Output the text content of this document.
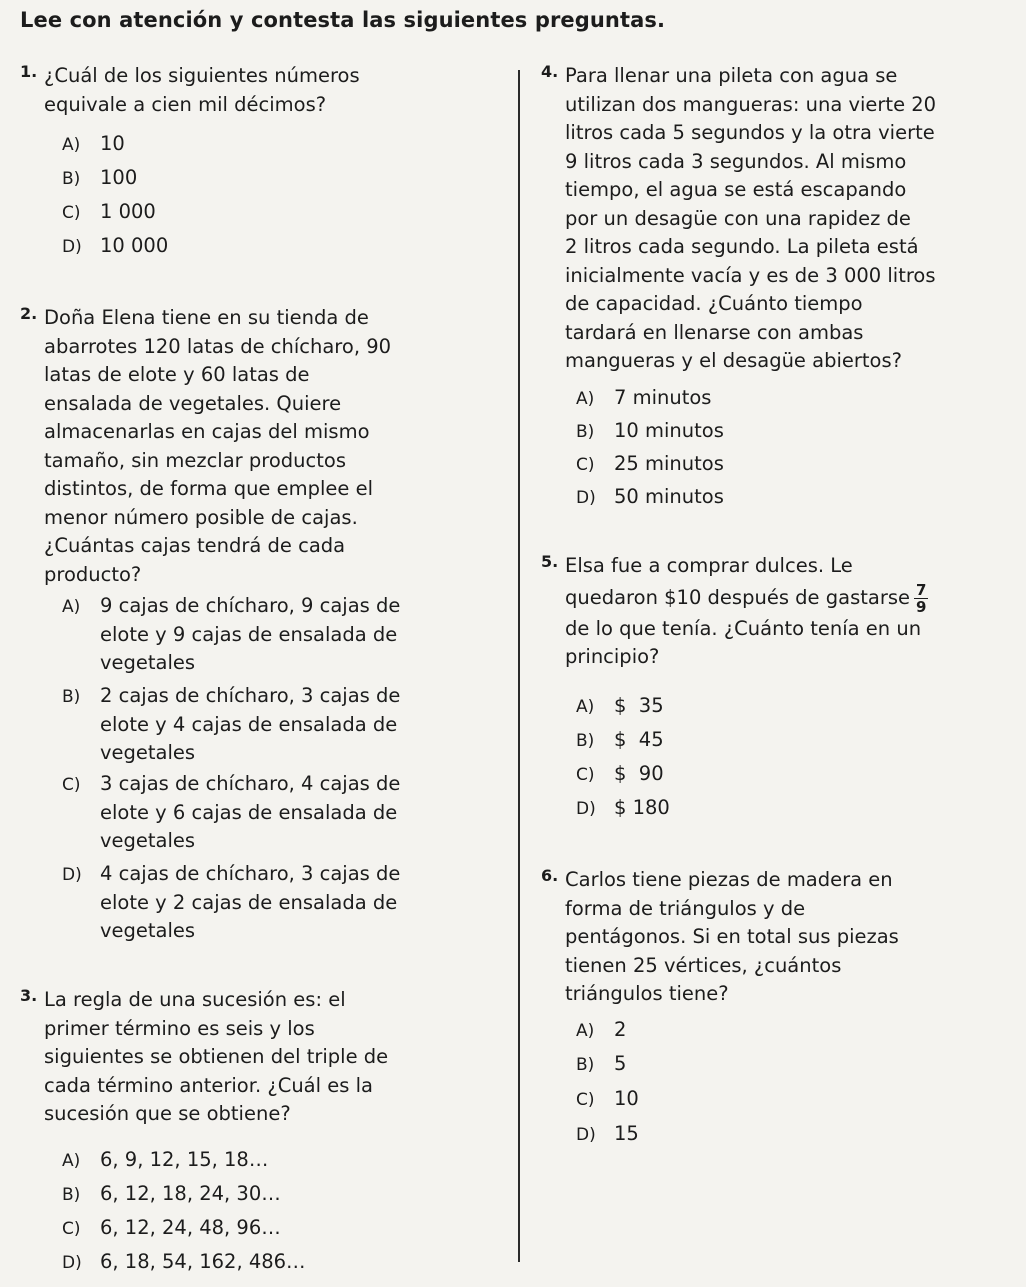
Lee con atención y contesta las siguientes preguntas.
1. ¿Cuál de los siguientes números

equivale a cien mil décimos?

A) 10

B) 100

C) 1 000

D) 10 000

2. Doña Elena tiene en su tienda de

abarrotes 120 latas de chícharo, 90

latas de elote y 60 latas de

ensalada de vegetales. Quiere

almacenarlas en cajas del mismo

tamaño, sin mezclar productos

distintos, de forma que emplee el

menor número posible de cajas.

¿Cuántas cajas tendrá de cada

producto?

A) 9 cajas de chícharo, 9 cajas de

elote y 9 cajas de ensalada de

vegetales

B) 2 cajas de chícharo, 3 cajas de

elote y 4 cajas de ensalada de

vegetales

C) 3 cajas de chícharo, 4 cajas de

elote y 6 cajas de ensalada de

vegetales

D) 4 cajas de chícharo, 3 cajas de

elote y 2 cajas de ensalada de

vegetales

3. La regla de una sucesión es: el

primer término es seis y los

siguientes se obtienen del triple de

cada término anterior. ¿Cuál es la

sucesión que se obtiene?

A) 6, 9, 12, 15, 18…

B) 6, 12, 18, 24, 30…

C) 6, 12, 24, 48, 96…

D) 6, 18, 54, 162, 486…

4. Para llenar una pileta con agua se

utilizan dos mangueras: una vierte 20

litros cada 5 segundos y la otra vierte

9 litros cada 3 segundos. Al mismo

tiempo, el agua se está escapando

por un desagüe con una rapidez de

2 litros cada segundo. La pileta está

inicialmente vacía y es de 3 000 litros

de capacidad. ¿Cuánto tiempo

tardará en llenarse con ambas

mangueras y el desagüe abiertos?

A) 7 minutos

B) 10 minutos

C) 25 minutos

D) 50 minutos

5. Elsa fue a comprar dulces. Le

quedaron $10 después de gastarse $\frac{7}{9}$

de lo que tenía. ¿Cuánto tenía en un

principio?

A) $  35

B) $  45

C) $  90

D) $ 180

6. Carlos tiene piezas de madera en

forma de triángulos y de

pentágonos. Si en total sus piezas

tienen 25 vértices, ¿cuántos

triángulos tiene?

A) 2

B) 5

C) 10

D) 15
